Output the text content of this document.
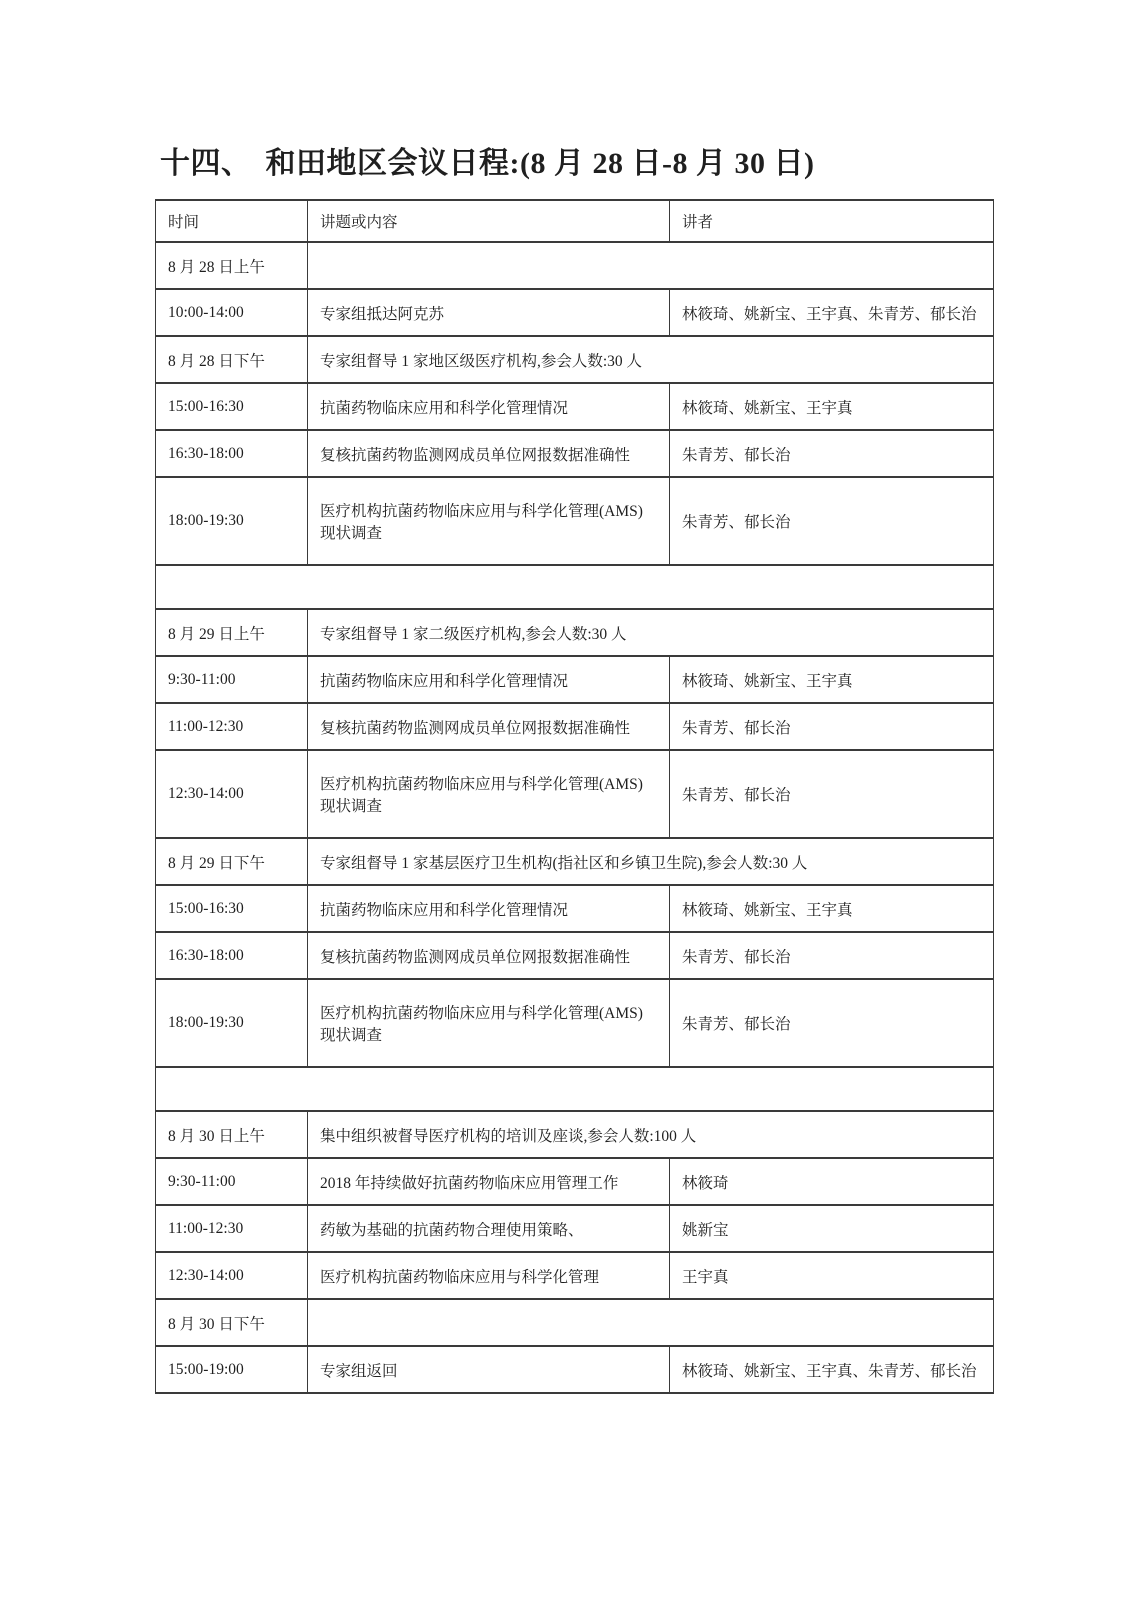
十四、 和田地区会议日程:(8 月 28 日-8 月 30 日)
时间	讲题或内容	讲者
8 月 28 日上午		
10:00-14:00	专家组抵达阿克苏	林筱琦、姚新宝、王宇真、朱青芳、郁长治
8 月 28 日下午	专家组督导 1 家地区级医疗机构,参会人数:30 人	
15:00-16:30	抗菌药物临床应用和科学化管理情况	林筱琦、姚新宝、王宇真
16:30-18:00	复核抗菌药物监测网成员单位网报数据准确性	朱青芳、郁长治
18:00-19:30	医疗机构抗菌药物临床应用与科学化管理(AMS)现状调查	朱青芳、郁长治

8 月 29 日上午	专家组督导 1 家二级医疗机构,参会人数:30 人	
9:30-11:00	抗菌药物临床应用和科学化管理情况	林筱琦、姚新宝、王宇真
11:00-12:30	复核抗菌药物监测网成员单位网报数据准确性	朱青芳、郁长治
12:30-14:00	医疗机构抗菌药物临床应用与科学化管理(AMS)现状调查	朱青芳、郁长治
8 月 29 日下午	专家组督导 1 家基层医疗卫生机构(指社区和乡镇卫生院),参会人数:30 人	
15:00-16:30	抗菌药物临床应用和科学化管理情况	林筱琦、姚新宝、王宇真
16:30-18:00	复核抗菌药物监测网成员单位网报数据准确性	朱青芳、郁长治
18:00-19:30	医疗机构抗菌药物临床应用与科学化管理(AMS)现状调查	朱青芳、郁长治

8 月 30 日上午	集中组织被督导医疗机构的培训及座谈,参会人数:100 人	
9:30-11:00	2018 年持续做好抗菌药物临床应用管理工作	林筱琦
11:00-12:30	药敏为基础的抗菌药物合理使用策略、	姚新宝
12:30-14:00	医疗机构抗菌药物临床应用与科学化管理	王宇真
8 月 30 日下午		
15:00-19:00	专家组返回	林筱琦、姚新宝、王宇真、朱青芳、郁长治
